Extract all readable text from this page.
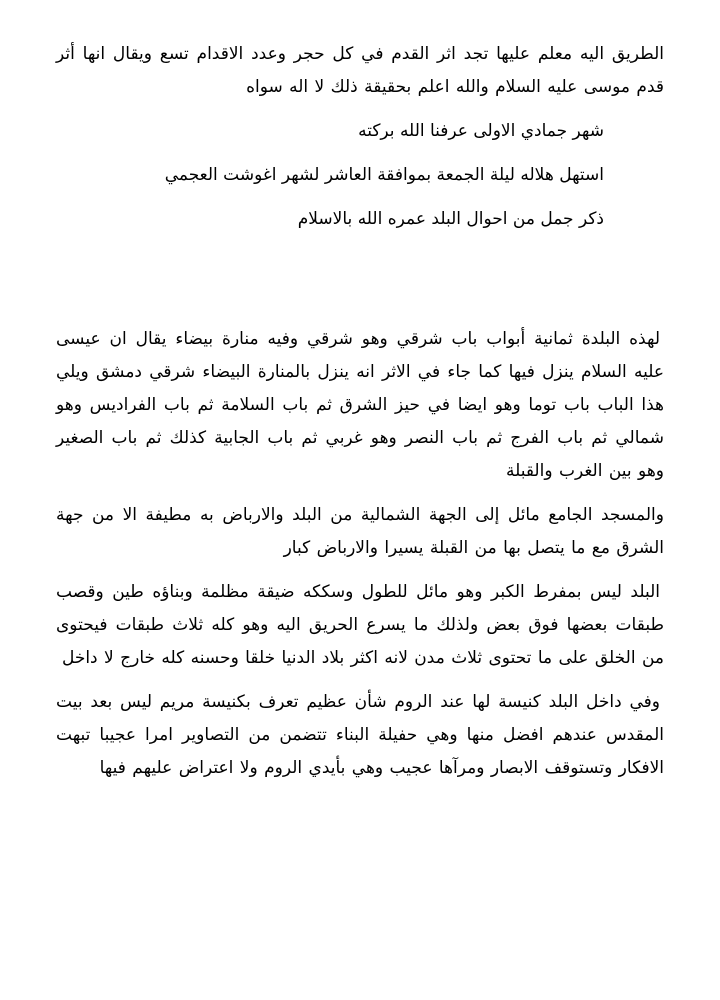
الطريق اليه معلم عليها تجد اثر القدم في كل حجر وعدد الاقدام تسع ويقال انها أثر قدم موسى عليه السلام والله اعلم بحقيقة ذلك لا اله سواه

شهر جمادي الاولى عرفنا الله بركته

استهل هلاله ليلة الجمعة بموافقة العاشر لشهر اغوشت العجمي

ذكر جمل من احوال البلد عمره الله بالاسلام

لهذه البلدة ثمانية أبواب باب شرقي وهو شرقي وفيه منارة بيضاء يقال ان عيسى عليه السلام ينزل فيها كما جاء في الاثر انه ينزل بالمنارة البيضاء شرقي دمشق ويلي هذا الباب باب توما وهو ايضا في حيز الشرق ثم باب السلامة ثم باب الفراديس وهو شمالي ثم باب الفرج ثم باب النصر وهو غربي ثم باب الجابية كذلك ثم باب الصغير وهو بين الغرب والقبلة

والمسجد الجامع مائل إلى الجهة الشمالية من البلد والارباض به مطيفة الا من جهة الشرق مع ما يتصل بها من القبلة يسيرا والارباض كبار

البلد ليس بمفرط الكبر وهو مائل للطول وسككه ضيقة مظلمة وبناؤه طين وقصب طبقات بعضها فوق بعض ولذلك ما يسرع الحريق اليه وهو كله ثلاث طبقات فيحتوى من الخلق على ما تحتوى ثلاث مدن لانه اكثر بلاد الدنيا خلقا وحسنه كله خارج لا داخل

وفي داخل البلد كنيسة لها عند الروم شأن عظيم تعرف بكنيسة مريم ليس بعد بيت المقدس عندهم افضل منها وهي حفيلة البناء تتضمن من التصاوير امرا عجيبا تبهت الافكار وتستوقف الابصار ومرآها عجيب وهي بأيدي الروم ولا اعتراض عليهم فيها
